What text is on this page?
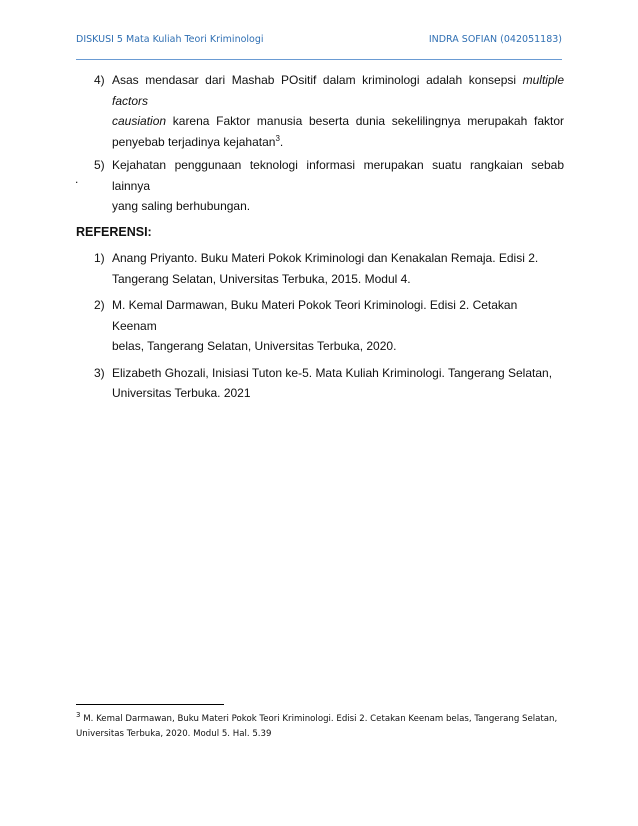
DISKUSI 5 Mata Kuliah Teori Kriminologi	INDRA SOFIAN (042051183)
4) Asas mendasar dari Mashab POsitif dalam kriminologi adalah konsepsi multiple factors
causiation karena Faktor manusia beserta dunia sekelilingnya merupakah faktor
penyebab terjadinya kejahatan$^3$.
5) Kejahatan penggunaan teknologi informasi merupakan suatu rangkaian sebab lainnya
yang saling berhubungan.
.
REFERENSI:
1) Anang Priyanto. Buku Materi Pokok Kriminologi dan Kenakalan Remaja. Edisi 2.
Tangerang Selatan, Universitas Terbuka, 2015. Modul 4.
2) M. Kemal Darmawan, Buku Materi Pokok Teori Kriminologi. Edisi 2. Cetakan Keenam
belas, Tangerang Selatan, Universitas Terbuka, 2020.
3) Elizabeth Ghozali, Inisiasi Tuton ke-5. Mata Kuliah Kriminologi. Tangerang Selatan,
Universitas Terbuka. 2021
$^3$ M. Kemal Darmawan, Buku Materi Pokok Teori Kriminologi. Edisi 2. Cetakan Keenam belas, Tangerang Selatan, Universitas Terbuka, 2020. Modul 5. Hal. 5.39
